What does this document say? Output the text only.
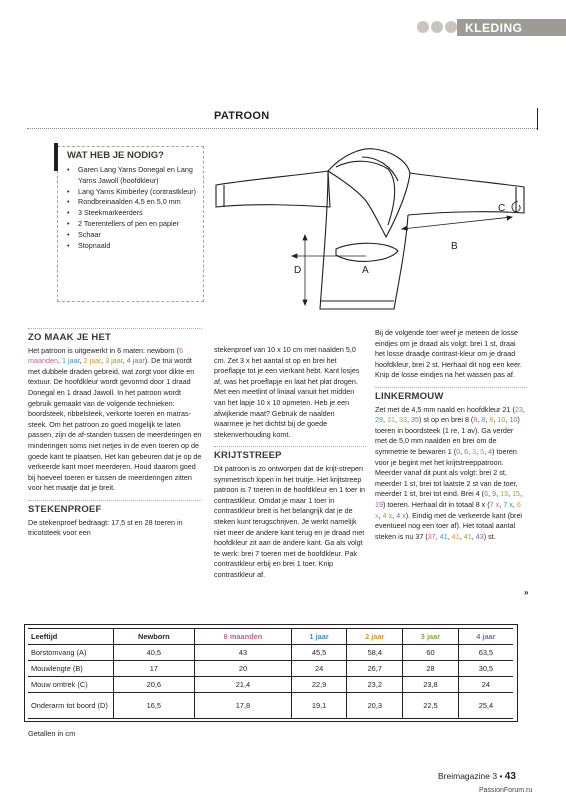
KLEDING
PATROON
WAT HEB JE NODIG?
• Garen Lang Yarns Donegal en Lang Yarns Jawoll (hoofdkleur)
• Lang Yarns Kimberley (contrastkleur)
• Rondbreinaalden 4,5 en 5,0 mm
• 3 Steekmarkeerders
• 2 Toerentellers of pen en papier
• Schaar
• Stopnaald
A
B
C
D
ZO MAAK JE HET

Het patroon is uitgewerkt in 6 maten: newborn (6 maanden, 1 jaar, 2 jaar, 3 jaar, 4 jaar). De trui wordt met dubbele draden gebreid, wat zorgt voor dikte en textuur. De hoofdkleur wordt gevormd door 1 draad Donegal en 1 draad Jawoll. In het patroon wordt gebruik gemaakt van de volgende technieken: boordsteek, ribbelsteek, verkorte toeren en matras-steek. Om het patroon zo goed mogelijk te laten passen, zijn de af-standen tussen de meerderingen en minderingen soms niet netjes in de even toeren op de goede kant te plaatsen. Het kan gebeuren dat je op de verkeerde kant moet meerderen. Houd daarom goed bij hoeveel toeren er tussen de meerderingen zitten voor het maatje dat je breit.

STEKENPROEF

De stekenproef bedraagt: 17,5 st en 28 toeren in tricotsteek voor een

stekenproef van 10 x 10 cm met naalden 5,0 cm. Zet 3 x het aantal st op en brei het proeflapje tot je een vierkant hebt. Kant losjes af, was het proeflapje en laat het plat drogen. Met een meetlint of liniaal vanuit het midden van het lapje 10 x 10 opmeten. Heb je een afwijkende maat? Gebruik de naalden waarmee je het dichtst bij de goede stekenverhouding komt.

KRIJTSTREEP

Dit patroon is zo ontworpen dat de krijt-strepen symmetrisch lopen in het truitje. Het krijtstreep patroon is 7 toeren in de hoofdkleur en 1 toer in contrastkleur. Omdat je maar 1 toer in contrastkleur breit is het belangrijk dat je de steken kunt terugschrijven. Je werkt namelijk niet meer de andere kant terug en je draad met hoofdkleur zit aan de andere kant. Ga als volgt te werk: brei 7 toeren met de hoofdkleur. Pak contrastkleur erbij en brei 1 toer. Knip contrastkleur af.

Bij de volgende toer weef je meteen de losse eindjes om je draad als volgt: brei 1 st, draai het losse draadje contrast-kleur om je draad hoofdkleur, brei 2 st. Herhaal dit nog een keer. Knip de losse eindjes na het wassen pas af.

LINKERMOUW

Zet met de 4,5 mm naald en hoofdkleur 21 (23, 29, 31, 33, 35) st op en brei 8 (8, 8, 8, 10, 10) toeren in boordsteek (1 re, 1 av). Ga verder met de 5,0 mm naalden en brei om de symmetrie te bewaren 1 (0, 6, 3, 5, 4) toeren voor je begint met het krijtstreeppatroon. Meerder vanaf dit punt als volgt: brei 2 st, meerder 1 st, brei tot laatste 2 st van de toer, meerder 1 st, brei tot eind. Brei 4 (6, 9, 13, 15, 19) toeren. Herhaal dit in totaal 8 x (7 x, 7 x, 6 x, 4 x, 4 x). Eindig met de verkeerde kant (brei eventueel nog een toer af). Het totaal aantal steken is nu 37 (37, 41, 41, 41, 43) st.

»
Leeftijd	Newborn	6 maanden	1 jaar	2 jaar	3 jaar	4 jaar
Borstomvang (A)	40,5	43	45,5	58,4	60	63,5
Mouwlengte (B)	17	20	24	26,7	28	30,5
Mouw omtrek (C)	20,6	21,4	22,9	23,2	23,8	24
Onderarm tot boord (D)	16,5	17,8	19,1	20,3	22,5	25,4
Getallen in cm
Breimagazine 3 • 43
PassionForum.ru
